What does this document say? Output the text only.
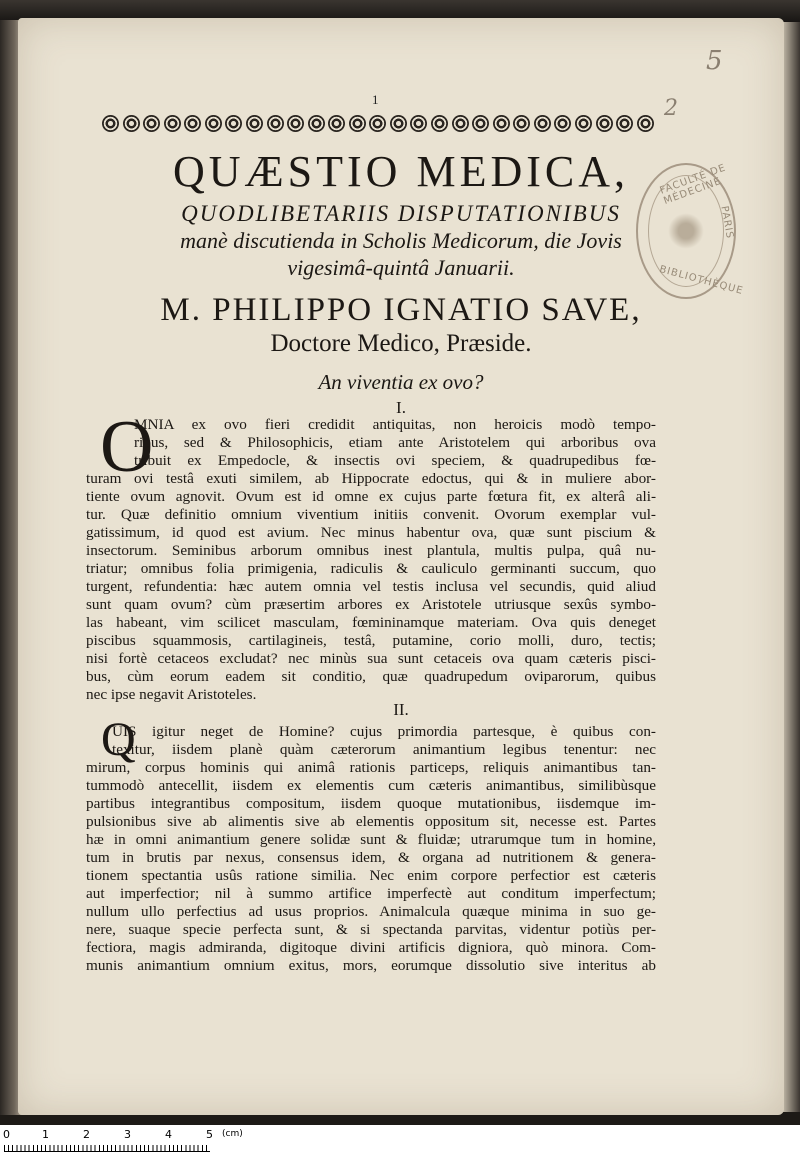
5
2
1
QUÆSTIO MEDICA,
QUODLIBETARIIS DISPUTATIONIBUS
manè discutienda in Scholis Medicorum, die Jovis
vigesimâ-quintâ Januarii.
M. PHILIPPO IGNATIO SAVE,
Doctore Medico, Præside.
An viventia ex ovo?
FACULTÉ DE MÉDECINE
PARIS
BIBLIOTHÈQUE
I.
O
MNIA ex ovo fieri credidit antiquitas, non heroicis modò tempo-
ribus, sed & Philosophicis, etiam ante Aristotelem qui arboribus ova
tribuit ex Empedocle, & insectis ovi speciem, & quadrupedibus fœ-
turam ovi testâ exuti similem, ab Hippocrate edoctus, qui & in muliere abor-
tiente ovum agnovit. Ovum est id omne ex cujus parte fœtura fit, ex alterâ ali-
tur. Quæ definitio omnium viventium initiis convenit. Ovorum exemplar vul-
gatissimum, id quod est avium. Nec minus habentur ova, quæ sunt piscium &
insectorum. Seminibus arborum omnibus inest plantula, multis pulpa, quâ nu-
triatur; omnibus folia primigenia, radiculis & cauliculo germinanti succum, quo
turgent, refundentia: hæc autem omnia vel testis inclusa vel secundis, quid aliud
sunt quam ovum? cùm præsertim arbores ex Aristotele utriusque sexûs symbo-
las habeant, vim scilicet masculam, fœmininamque materiam. Ova quis deneget
piscibus squammosis, cartilagineis, testâ, putamine, corio molli, duro, tectis;
nisi fortè cetaceos excludat? nec minùs sua sunt cetaceis ova quam cæteris pisci-
bus, cùm eorum eadem sit conditio, quæ quadrupedum oviparorum, quibus
nec ipse negavit Aristoteles.
II.
Q
UIS igitur neget de Homine? cujus primordia partesque, è quibus con-
texitur, iisdem planè quàm cæterorum animantium legibus tenentur: nec
mirum, corpus hominis qui animâ rationis particeps, reliquis animantibus tan-
tummodò antecellit, iisdem ex elementis cum cæteris animantibus, similibùsque
partibus integrantibus compositum, iisdem quoque mutationibus, iisdemque im-
pulsionibus sive ab alimentis sive ab elementis oppositum sit, necesse est. Partes
hæ in omni animantium genere solidæ sunt & fluidæ; utrarumque tum in homine,
tum in brutis par nexus, consensus idem, & organa ad nutritionem & genera-
tionem spectantia usûs ratione similia. Nec enim corpore perfectior est cæteris
aut imperfectior; nil à summo artifice imperfectè aut conditum imperfectum;
nullum ullo perfectius ad usus proprios. Animalcula quæque minima in suo ge-
nere, suaque specie perfecta sunt, & si spectanda parvitas, videntur potiùs per-
fectiora, magis admiranda, digitoque divini artificis digniora, quò minora. Com-
munis animantium omnium exitus, mors, eorumque dissolutio sive interitus ab
0	1	2	3	4	5 (cm)
